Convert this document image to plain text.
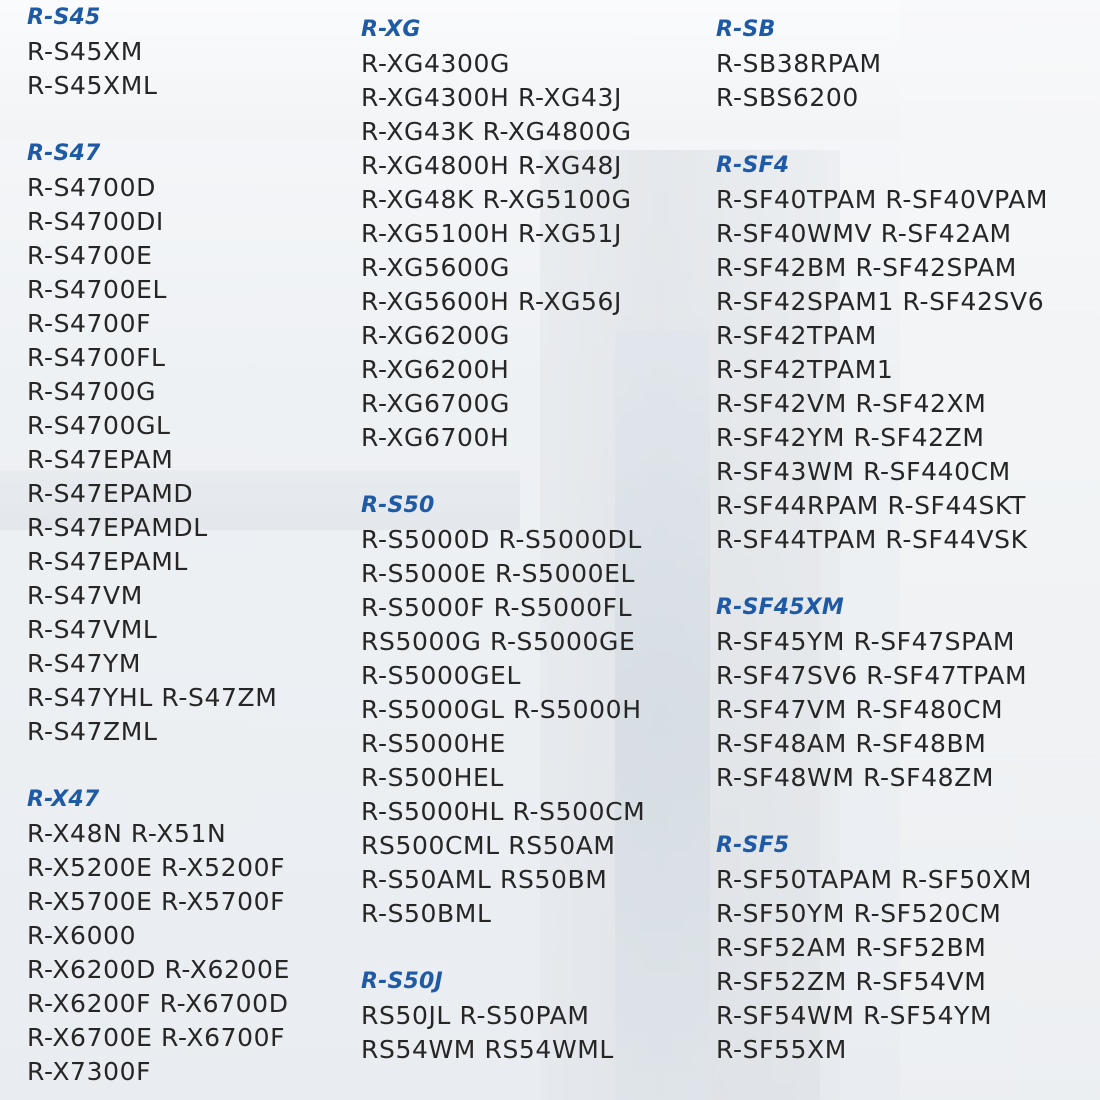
R-S45
R-S45XM
R-S45XML
R-S47
R-S4700D
R-S4700DI
R-S4700E
R-S4700EL
R-S4700F
R-S4700FL
R-S4700G
R-S4700GL
R-S47EPAM
R-S47EPAMD
R-S47EPAMDL
R-S47EPAML
R-S47VM
R-S47VML
R-S47YM
R-S47YHL R-S47ZM
R-S47ZML
R-X47
R-X48N R-X51N
R-X5200E R-X5200F
R-X5700E R-X5700F
R-X6000
R-X6200D R-X6200E
R-X6200F R-X6700D
R-X6700E R-X6700F
R-X7300F
R-XG
R-XG4300G
R-XG4300H R-XG43J
R-XG43K R-XG4800G
R-XG4800H R-XG48J
R-XG48K R-XG5100G
R-XG5100H R-XG51J
R-XG5600G
R-XG5600H R-XG56J
R-XG6200G
R-XG6200H
R-XG6700G
R-XG6700H
R-S50
R-S5000D R-S5000DL
R-S5000E R-S5000EL
R-S5000F R-S5000FL
RS5000G R-S5000GE
R-S5000GEL
R-S5000GL R-S5000H
R-S5000HE
R-S500HEL
R-S5000HL R-S500CM
RS500CML RS50AM
R-S50AML RS50BM
R-S50BML
R-S50J
RS50JL R-S50PAM
RS54WM RS54WML
R-SB
R-SB38RPAM
R-SBS6200
R-SF4
R-SF40TPAM R-SF40VPAM
R-SF40WMV R-SF42AM
R-SF42BM R-SF42SPAM
R-SF42SPAM1 R-SF42SV6
R-SF42TPAM
R-SF42TPAM1
R-SF42VM R-SF42XM
R-SF42YM R-SF42ZM
R-SF43WM R-SF440CM
R-SF44RPAM R-SF44SKT
R-SF44TPAM R-SF44VSK
R-SF45XM
R-SF45YM R-SF47SPAM
R-SF47SV6 R-SF47TPAM
R-SF47VM R-SF480CM
R-SF48AM R-SF48BM
R-SF48WM R-SF48ZM
R-SF5
R-SF50TAPAM R-SF50XM
R-SF50YM R-SF520CM
R-SF52AM R-SF52BM
R-SF52ZM R-SF54VM
R-SF54WM R-SF54YM
R-SF55XM
